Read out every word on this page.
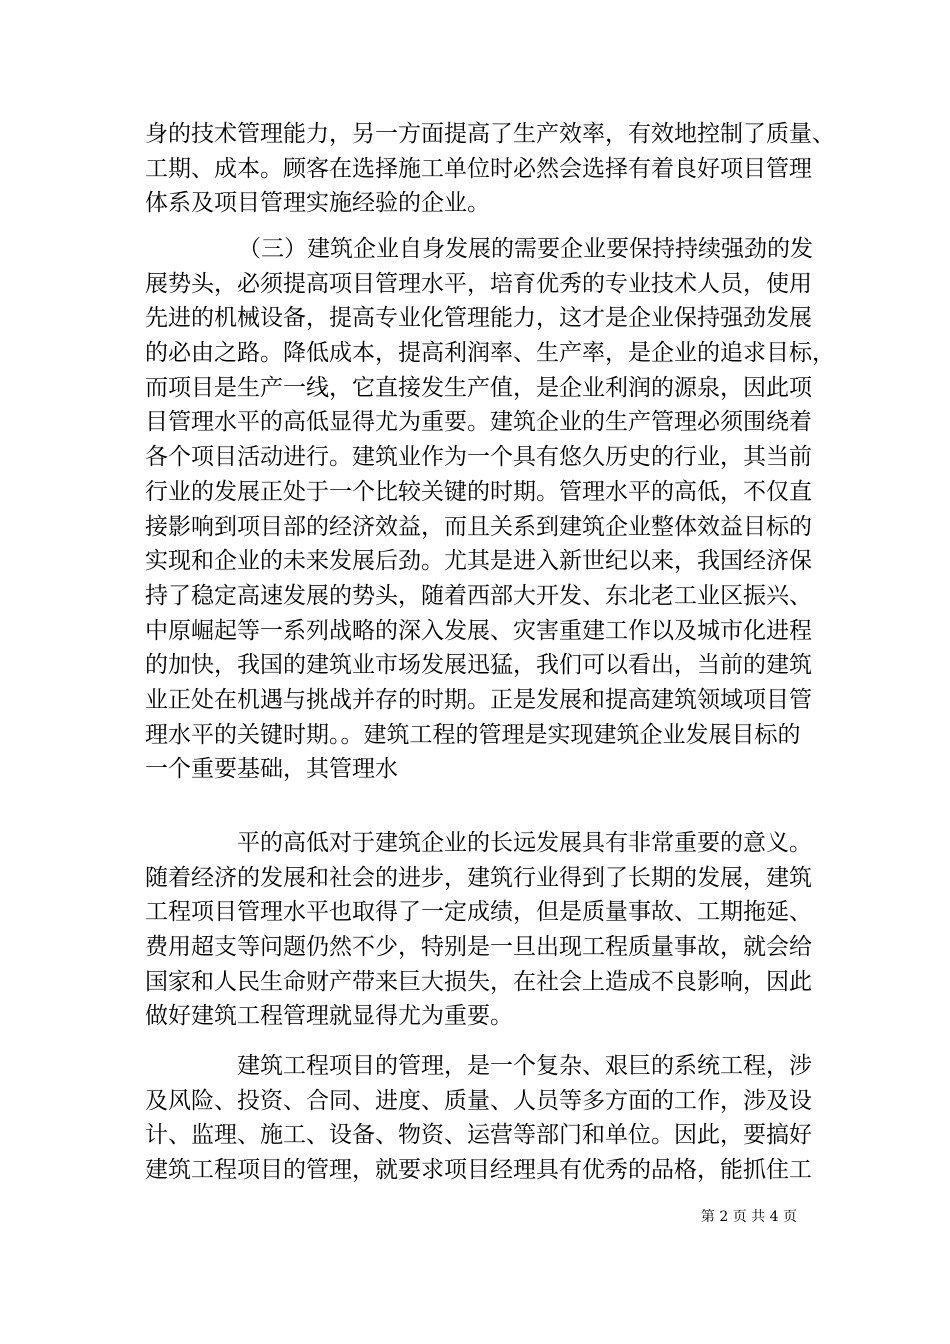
身的技术管理能力，另一方面提高了生产效率，有效地控制了质量、
工期、成本。顾客在选择施工单位时必然会选择有着良好项目管理
体系及项目管理实施经验的企业。
（三）建筑企业自身发展的需要企业要保持持续强劲的发
展势头，必须提高项目管理水平，培育优秀的专业技术人员，使用
先进的机械设备，提高专业化管理能力，这才是企业保持强劲发展
的必由之路。降低成本，提高利润率、生产率，是企业的追求目标，
而项目是生产一线，它直接发生产值，是企业利润的源泉，因此项
目管理水平的高低显得尤为重要。建筑企业的生产管理必须围绕着
各个项目活动进行。建筑业作为一个具有悠久历史的行业，其当前
行业的发展正处于一个比较关键的时期。管理水平的高低，不仅直
接影响到项目部的经济效益，而且关系到建筑企业整体效益目标的
实现和企业的未来发展后劲。尤其是进入新世纪以来，我国经济保
持了稳定高速发展的势头，随着西部大开发、东北老工业区振兴、
中原崛起等一系列战略的深入发展、灾害重建工作以及城市化进程
的加快，我国的建筑业市场发展迅猛，我们可以看出，当前的建筑
业正处在机遇与挑战并存的时期。正是发展和提高建筑领域项目管
理水平的关键时期。。建筑工程的管理是实现建筑企业发展目标的
一个重要基础，其管理水
平的高低对于建筑企业的长远发展具有非常重要的意义。
随着经济的发展和社会的进步，建筑行业得到了长期的发展，建筑
工程项目管理水平也取得了一定成绩，但是质量事故、工期拖延、
费用超支等问题仍然不少，特别是一旦出现工程质量事故，就会给
国家和人民生命财产带来巨大损失，在社会上造成不良影响，因此
做好建筑工程管理就显得尤为重要。
建筑工程项目的管理，是一个复杂、艰巨的系统工程，涉
及风险、投资、合同、进度、质量、人员等多方面的工作，涉及设
计、监理、施工、设备、物资、运营等部门和单位。因此，要搞好
建筑工程项目的管理，就要求项目经理具有优秀的品格，能抓住工
第 2 页 共 4 页
